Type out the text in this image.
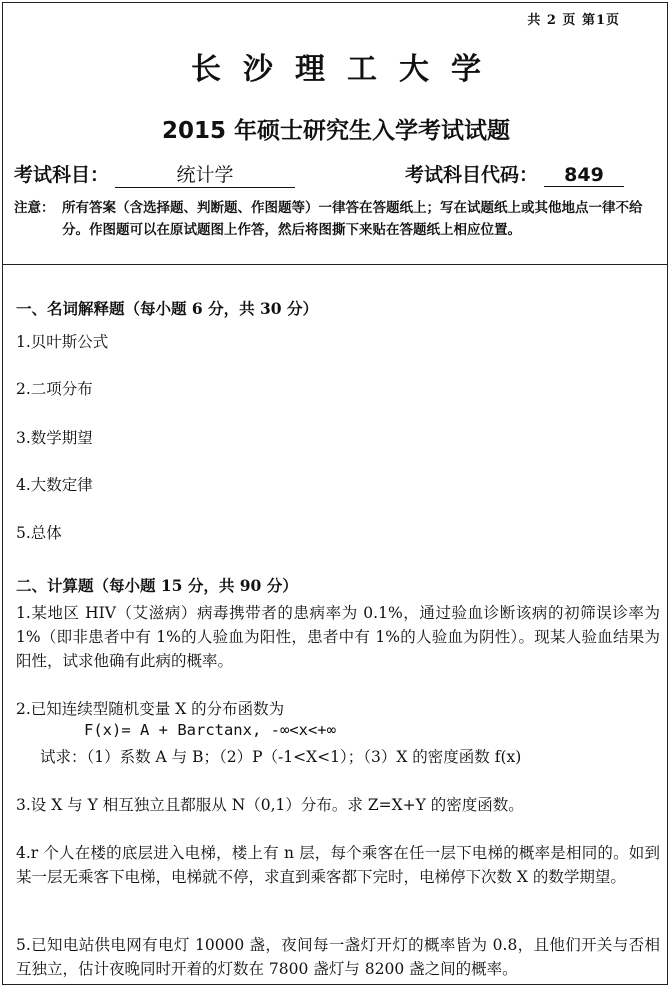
共 2 页 第1页
长沙理工大学
2015 年硕士研究生入学考试试题
考试科目：	统计学	考试科目代码： 849
注意： 所有答案（含选择题、判断题、作图题等）一律答在答题纸上；写在试题纸上或其他地点一律不给分。作图题可以在原试题图上作答，然后将图撕下来贴在答题纸上相应位置。
一、名词解释题（每小题 6 分，共 30 分）
1.贝叶斯公式
2.二项分布
3.数学期望
4.大数定律
5.总体
二、计算题（每小题 15 分，共 90 分）
1.某地区 HIV（艾滋病）病毒携带者的患病率为 0.1%，通过验血诊断该病的初筛误诊率为 1%（即非患者中有 1%的人验血为阳性，患者中有 1%的人验血为阴性）。现某人验血结果为阳性，试求他确有此病的概率。
2.已知连续型随机变量 X 的分布函数为
F(x)= A + Barctanx, -∞<x<+∞
试求：（1）系数 A 与 B；（2）P（-1<X<1）；（3）X 的密度函数 f(x)
3.设 X 与 Y 相互独立且都服从 N（0,1）分布。求 Z=X+Y 的密度函数。
4.r 个人在楼的底层进入电梯，楼上有 n 层，每个乘客在任一层下电梯的概率是相同的。如到某一层无乘客下电梯，电梯就不停，求直到乘客都下完时，电梯停下次数 X 的数学期望。
5.已知电站供电网有电灯 10000 盏，夜间每一盏灯开灯的概率皆为 0.8，且他们开关与否相互独立，估计夜晚同时开着的灯数在 7800 盏灯与 8200 盏之间的概率。
